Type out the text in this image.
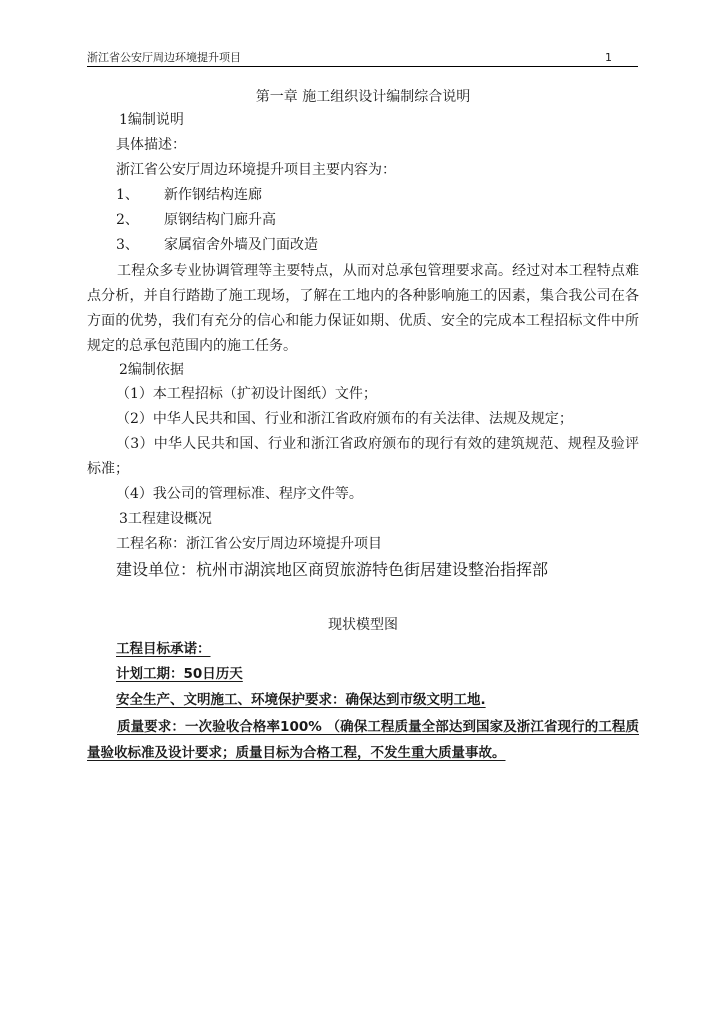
浙江省公安厅周边环境提升项目	1
第一章 施工组织设计编制综合说明
1编制说明
具体描述：
浙江省公安厅周边环境提升项目主要内容为：
1、 新作钢结构连廊
2、 原钢结构门廊升高
3、 家属宿舍外墙及门面改造
工程众多专业协调管理等主要特点，从而对总承包管理要求高。经过对本工程特点难点分析，并自行踏勘了施工现场，了解在工地内的各种影响施工的因素，集合我公司在各方面的优势，我们有充分的信心和能力保证如期、优质、安全的完成本工程招标文件中所规定的总承包范围内的施工任务。
2编制依据
（1）本工程招标（扩初设计图纸）文件；
（2）中华人民共和国、行业和浙江省政府颁布的有关法律、法规及规定；
（3）中华人民共和国、行业和浙江省政府颁布的现行有效的建筑规范、规程及验评标准；
（4）我公司的管理标准、程序文件等。
3工程建设概况
工程名称：浙江省公安厅周边环境提升项目
建设单位：杭州市湖滨地区商贸旅游特色街居建设整治指挥部
现状模型图
工程目标承诺：
计划工期：50日历天
安全生产、文明施工、环境保护要求：确保达到市级文明工地.
质量要求：一次验收合格率100% （确保工程质量全部达到国家及浙江省现行的工程质量验收标准及设计要求；质量目标为合格工程，不发生重大质量事故。
